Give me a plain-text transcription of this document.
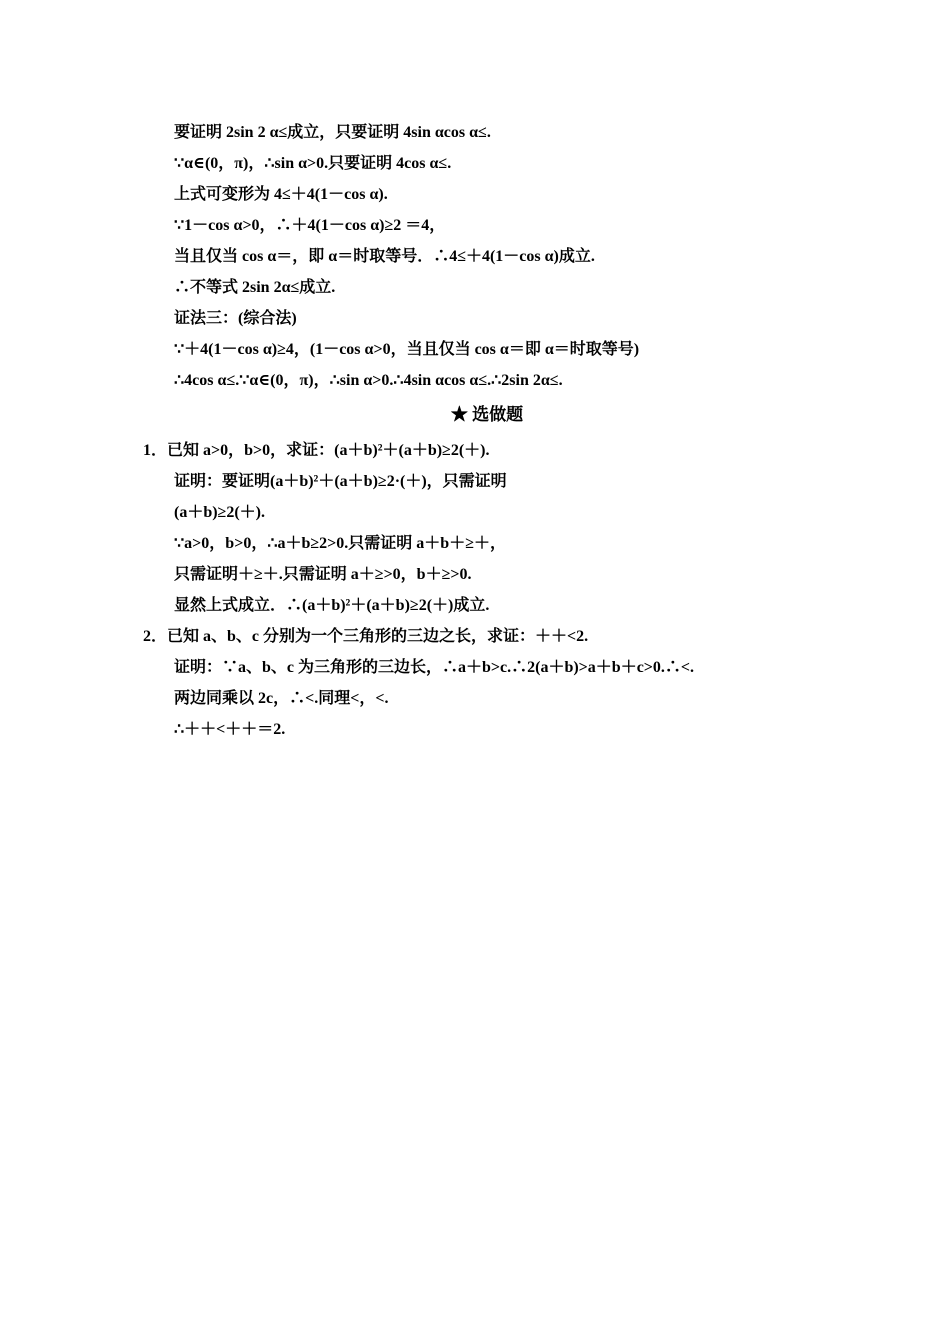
要证明 2sin 2 α≤成立，只要证明 4sin αcos α≤.
∵α∈(0，π)，∴sin α>0.只要证明 4cos α≤.
上式可变形为 4≤＋4(1－cos α).
∵1－cos α>0，∴＋4(1－cos α)≥2 ＝4，
当且仅当 cos α＝，即 α＝时取等号．∴4≤＋4(1－cos α)成立.
∴不等式 2sin 2α≤成立.
证法三：(综合法)
∵＋4(1－cos α)≥4，(1－cos α>0，当且仅当 cos α＝即 α＝时取等号)
∴4cos α≤.∵α∈(0，π)，∴sin α>0.∴4sin αcos α≤.∴2sin 2α≤.
★ 选做题
1．已知 a>0，b>0，求证：(a＋b)²＋(a＋b)≥2(＋).
证明：要证明(a＋b)²＋(a＋b)≥2·(＋)，只需证明
(a＋b)≥2(＋).
∵a>0，b>0，∴a＋b≥2>0.只需证明 a＋b＋≥＋，
只需证明＋≥＋.只需证明 a＋≥>0，b＋≥>0.
显然上式成立．∴(a＋b)²＋(a＋b)≥2(＋)成立.
2．已知 a、b、c 分别为一个三角形的三边之长，求证：＋＋<2.
证明：∵a、b、c 为三角形的三边长，∴a＋b>c.∴2(a＋b)>a＋b＋c>0.∴<.
两边同乘以 2c，∴<.同理<，<.
∴＋＋<＋＋＝2.
